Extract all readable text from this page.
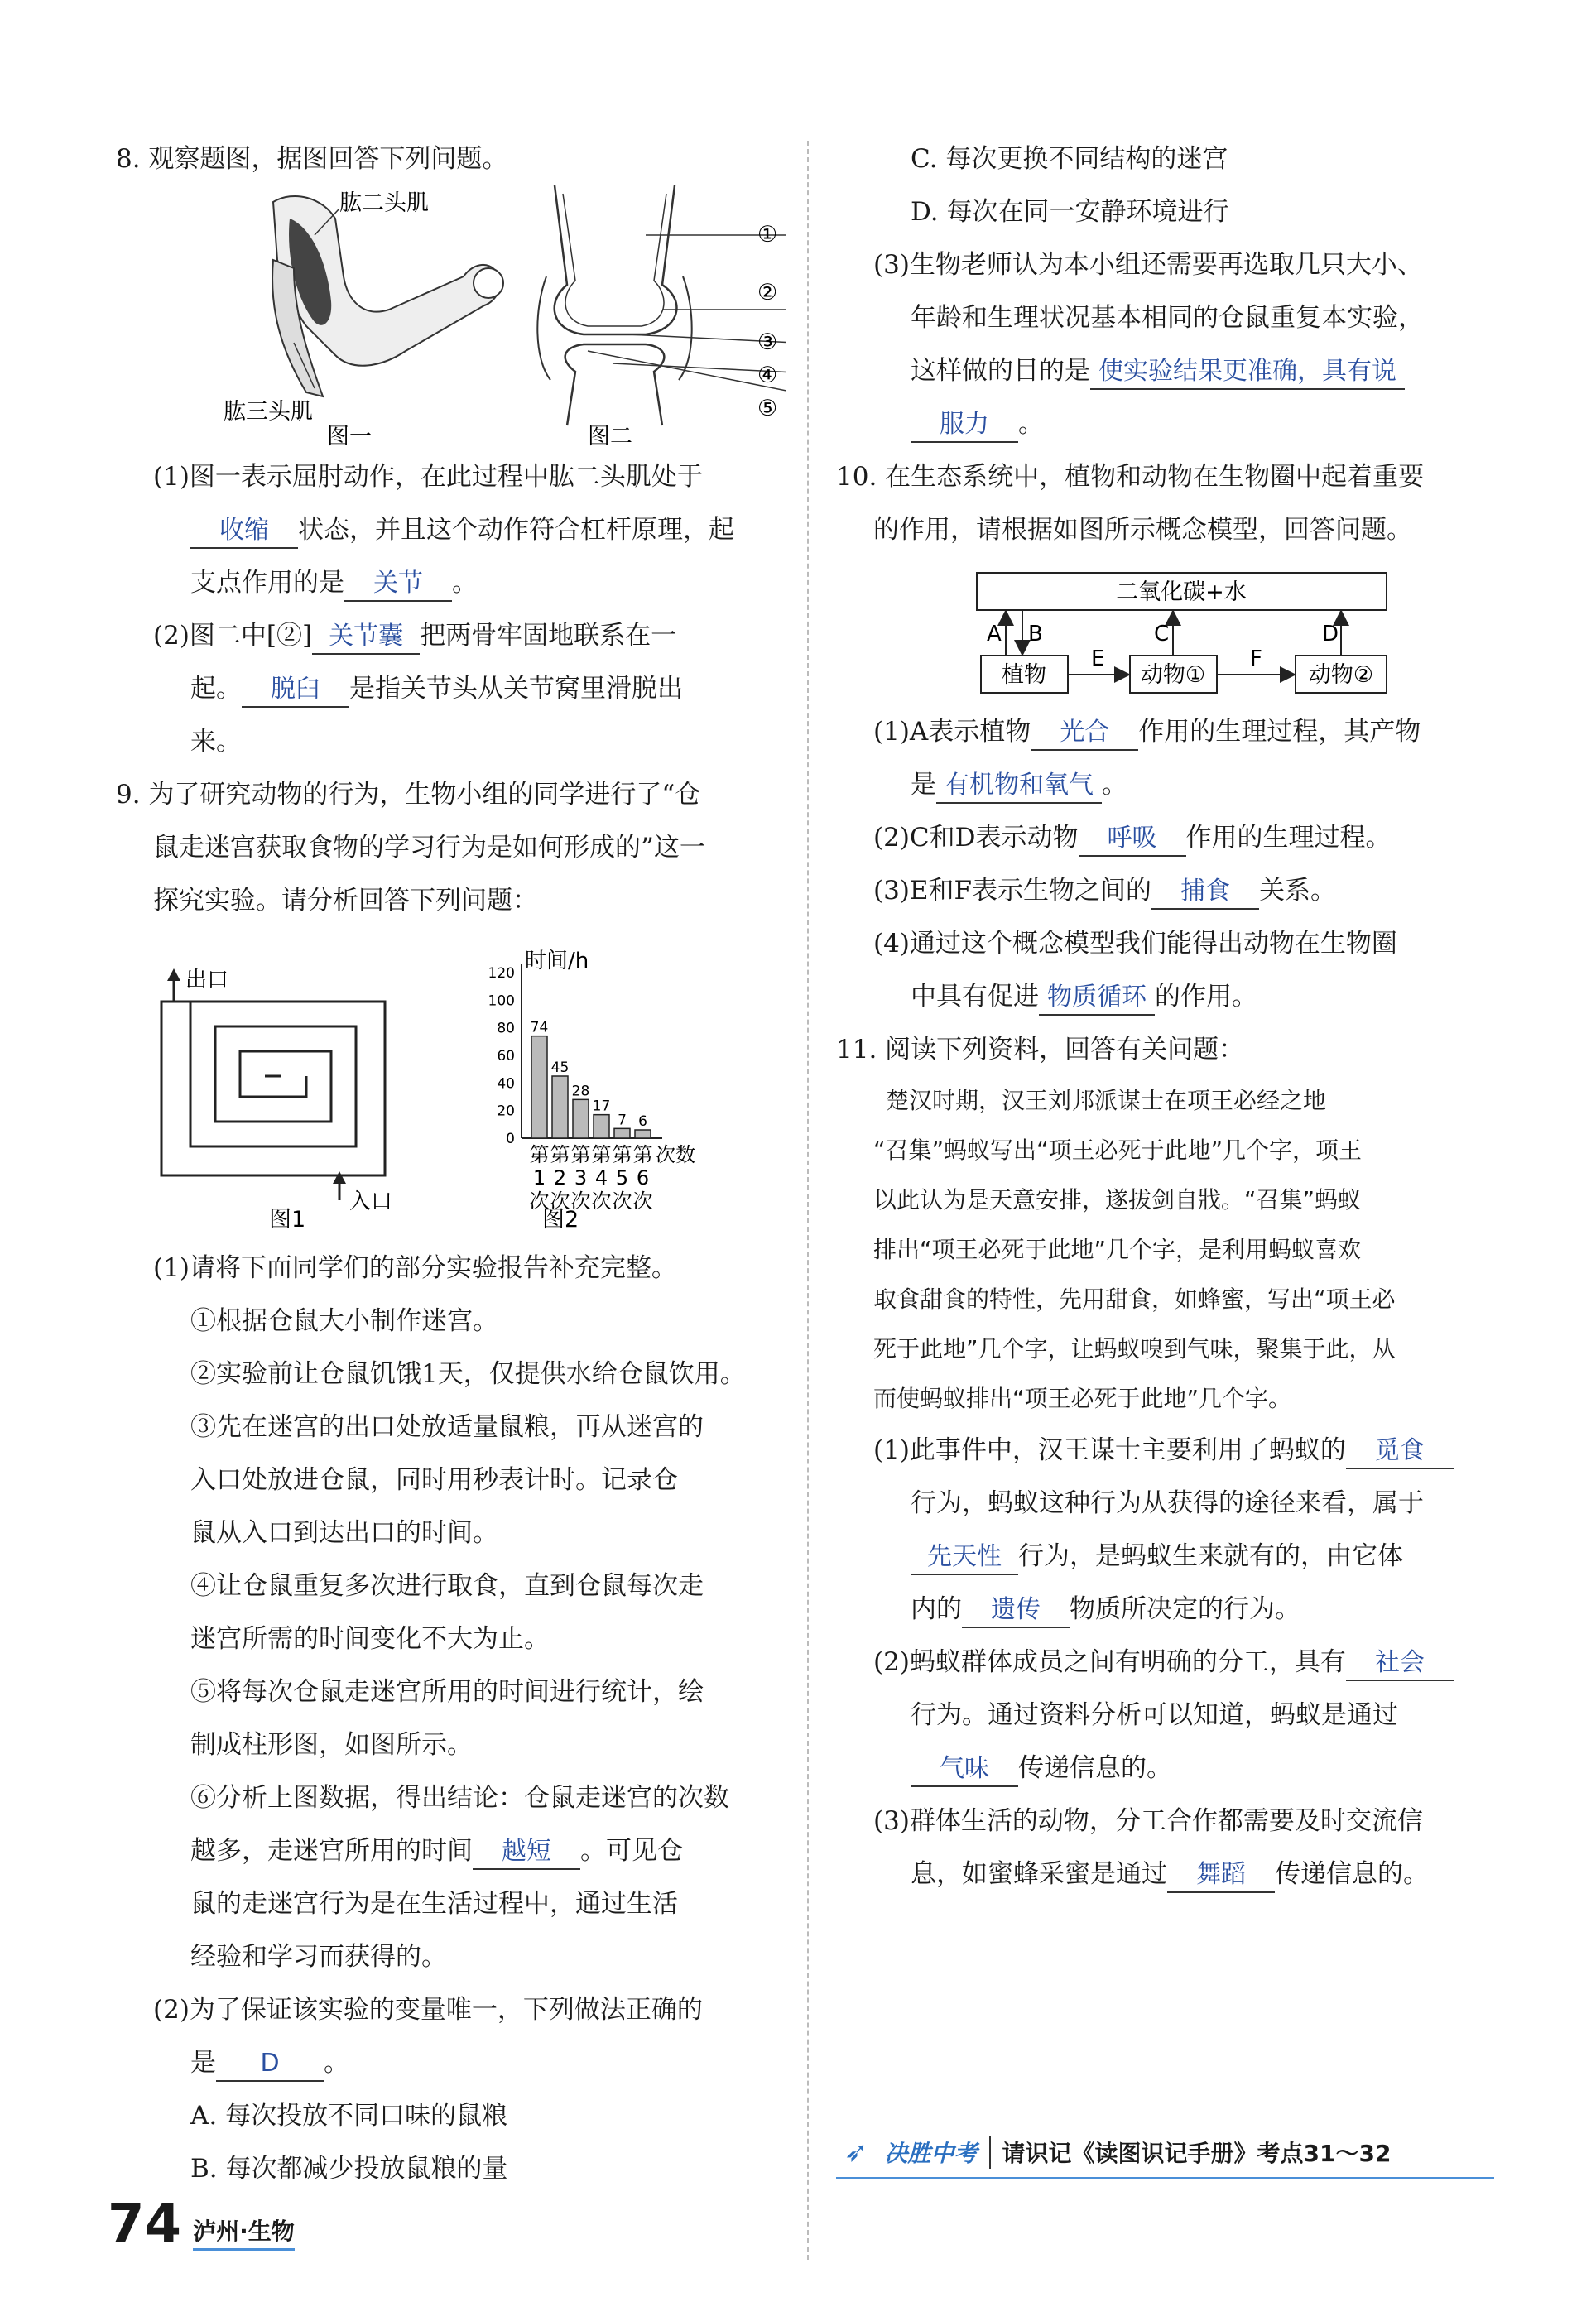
8. 观察题图，据图回答下列问题。

肱二头肌
肱三头肌
图一
①
②
③
④
⑤
图二

(1)图一表示屈肘动作，在此过程中肱二头肌处于

收缩 状态，并且这个动作符合杠杆原理，起

支点作用的是 关节 。

(2)图二中[②] 关节囊 把两骨牢固地联系在一

起。 脱臼 是指关节头从关节窝里滑脱出

来。

9. 为了研究动物的行为，生物小组的同学进行了“仓

鼠走迷宫获取食物的学习行为是如何形成的”这一

探究实验。请分析回答下列问题：

出口
入口
图1
时间/h
0
20
40
60
80
100
120
74
第
1
次
45
第
2
次
28
第
3
次
17
第
4
次
7
第
5
次
6
第
6
次
次数
图2

(1)请将下面同学们的部分实验报告补充完整。

①根据仓鼠大小制作迷宫。

②实验前让仓鼠饥饿1天，仅提供水给仓鼠饮用。

③先在迷宫的出口处放适量鼠粮，再从迷宫的

入口处放进仓鼠，同时用秒表计时。记录仓

鼠从入口到达出口的时间。

④让仓鼠重复多次进行取食，直到仓鼠每次走

迷宫所需的时间变化不大为止。

⑤将每次仓鼠走迷宫所用的时间进行统计，绘

制成柱形图，如图所示。

⑥分析上图数据，得出结论：仓鼠走迷宫的次数

越多，走迷宫所用的时间 越短 。可见仓

鼠的走迷宫行为是在生活过程中，通过生活

经验和学习而获得的。

(2)为了保证该实验的变量唯一，下列做法正确的

是 D 。

A. 每次投放不同口味的鼠粮

B. 每次都减少投放鼠粮的量

C. 每次更换不同结构的迷宫

D. 每次在同一安静环境进行

(3)生物老师认为本小组还需要再选取几只大小、

年龄和生理状况基本相同的仓鼠重复本实验，

这样做的目的是 使实验结果更准确，具有说

服力 。

10. 在生态系统中，植物和动物在生物圈中起着重要

的作用，请根据如图所示概念模型，回答问题。

二氧化碳+水
植物	动物①	动物②
A B	C	D
E	F

(1)A表示植物 光合 作用的生理过程，其产物

是 有机物和氧气 。

(2)C和D表示动物 呼吸 作用的生理过程。

(3)E和F表示生物之间的 捕食 关系。

(4)通过这个概念模型我们能得出动物在生物圈

中具有促进 物质循环 的作用。

11. 阅读下列资料，回答有关问题：

楚汉时期，汉王刘邦派谋士在项王必经之地

“召集”蚂蚁写出“项王必死于此地”几个字，项王

以此认为是天意安排，遂拔剑自戕。“召集”蚂蚁

排出“项王必死于此地”几个字，是利用蚂蚁喜欢

取食甜食的特性，先用甜食，如蜂蜜，写出“项王必

死于此地”几个字，让蚂蚁嗅到气味，聚集于此，从

而使蚂蚁排出“项王必死于此地”几个字。

(1)此事件中，汉王谋士主要利用了蚂蚁的 觅食

行为，蚂蚁这种行为从获得的途径来看，属于

先天性 行为，是蚂蚁生来就有的，由它体

内的 遗传 物质所决定的行为。

(2)蚂蚁群体成员之间有明确的分工，具有 社会

行为。通过资料分析可以知道，蚂蚁是通过

气味 传递信息的。

(3)群体生活的动物，分工合作都需要及时交流信

息，如蜜蜂采蜜是通过 舞蹈 传递信息的。

➶ 决胜中考	请识记《读图识记手册》考点31～32
74 泸州·生物
